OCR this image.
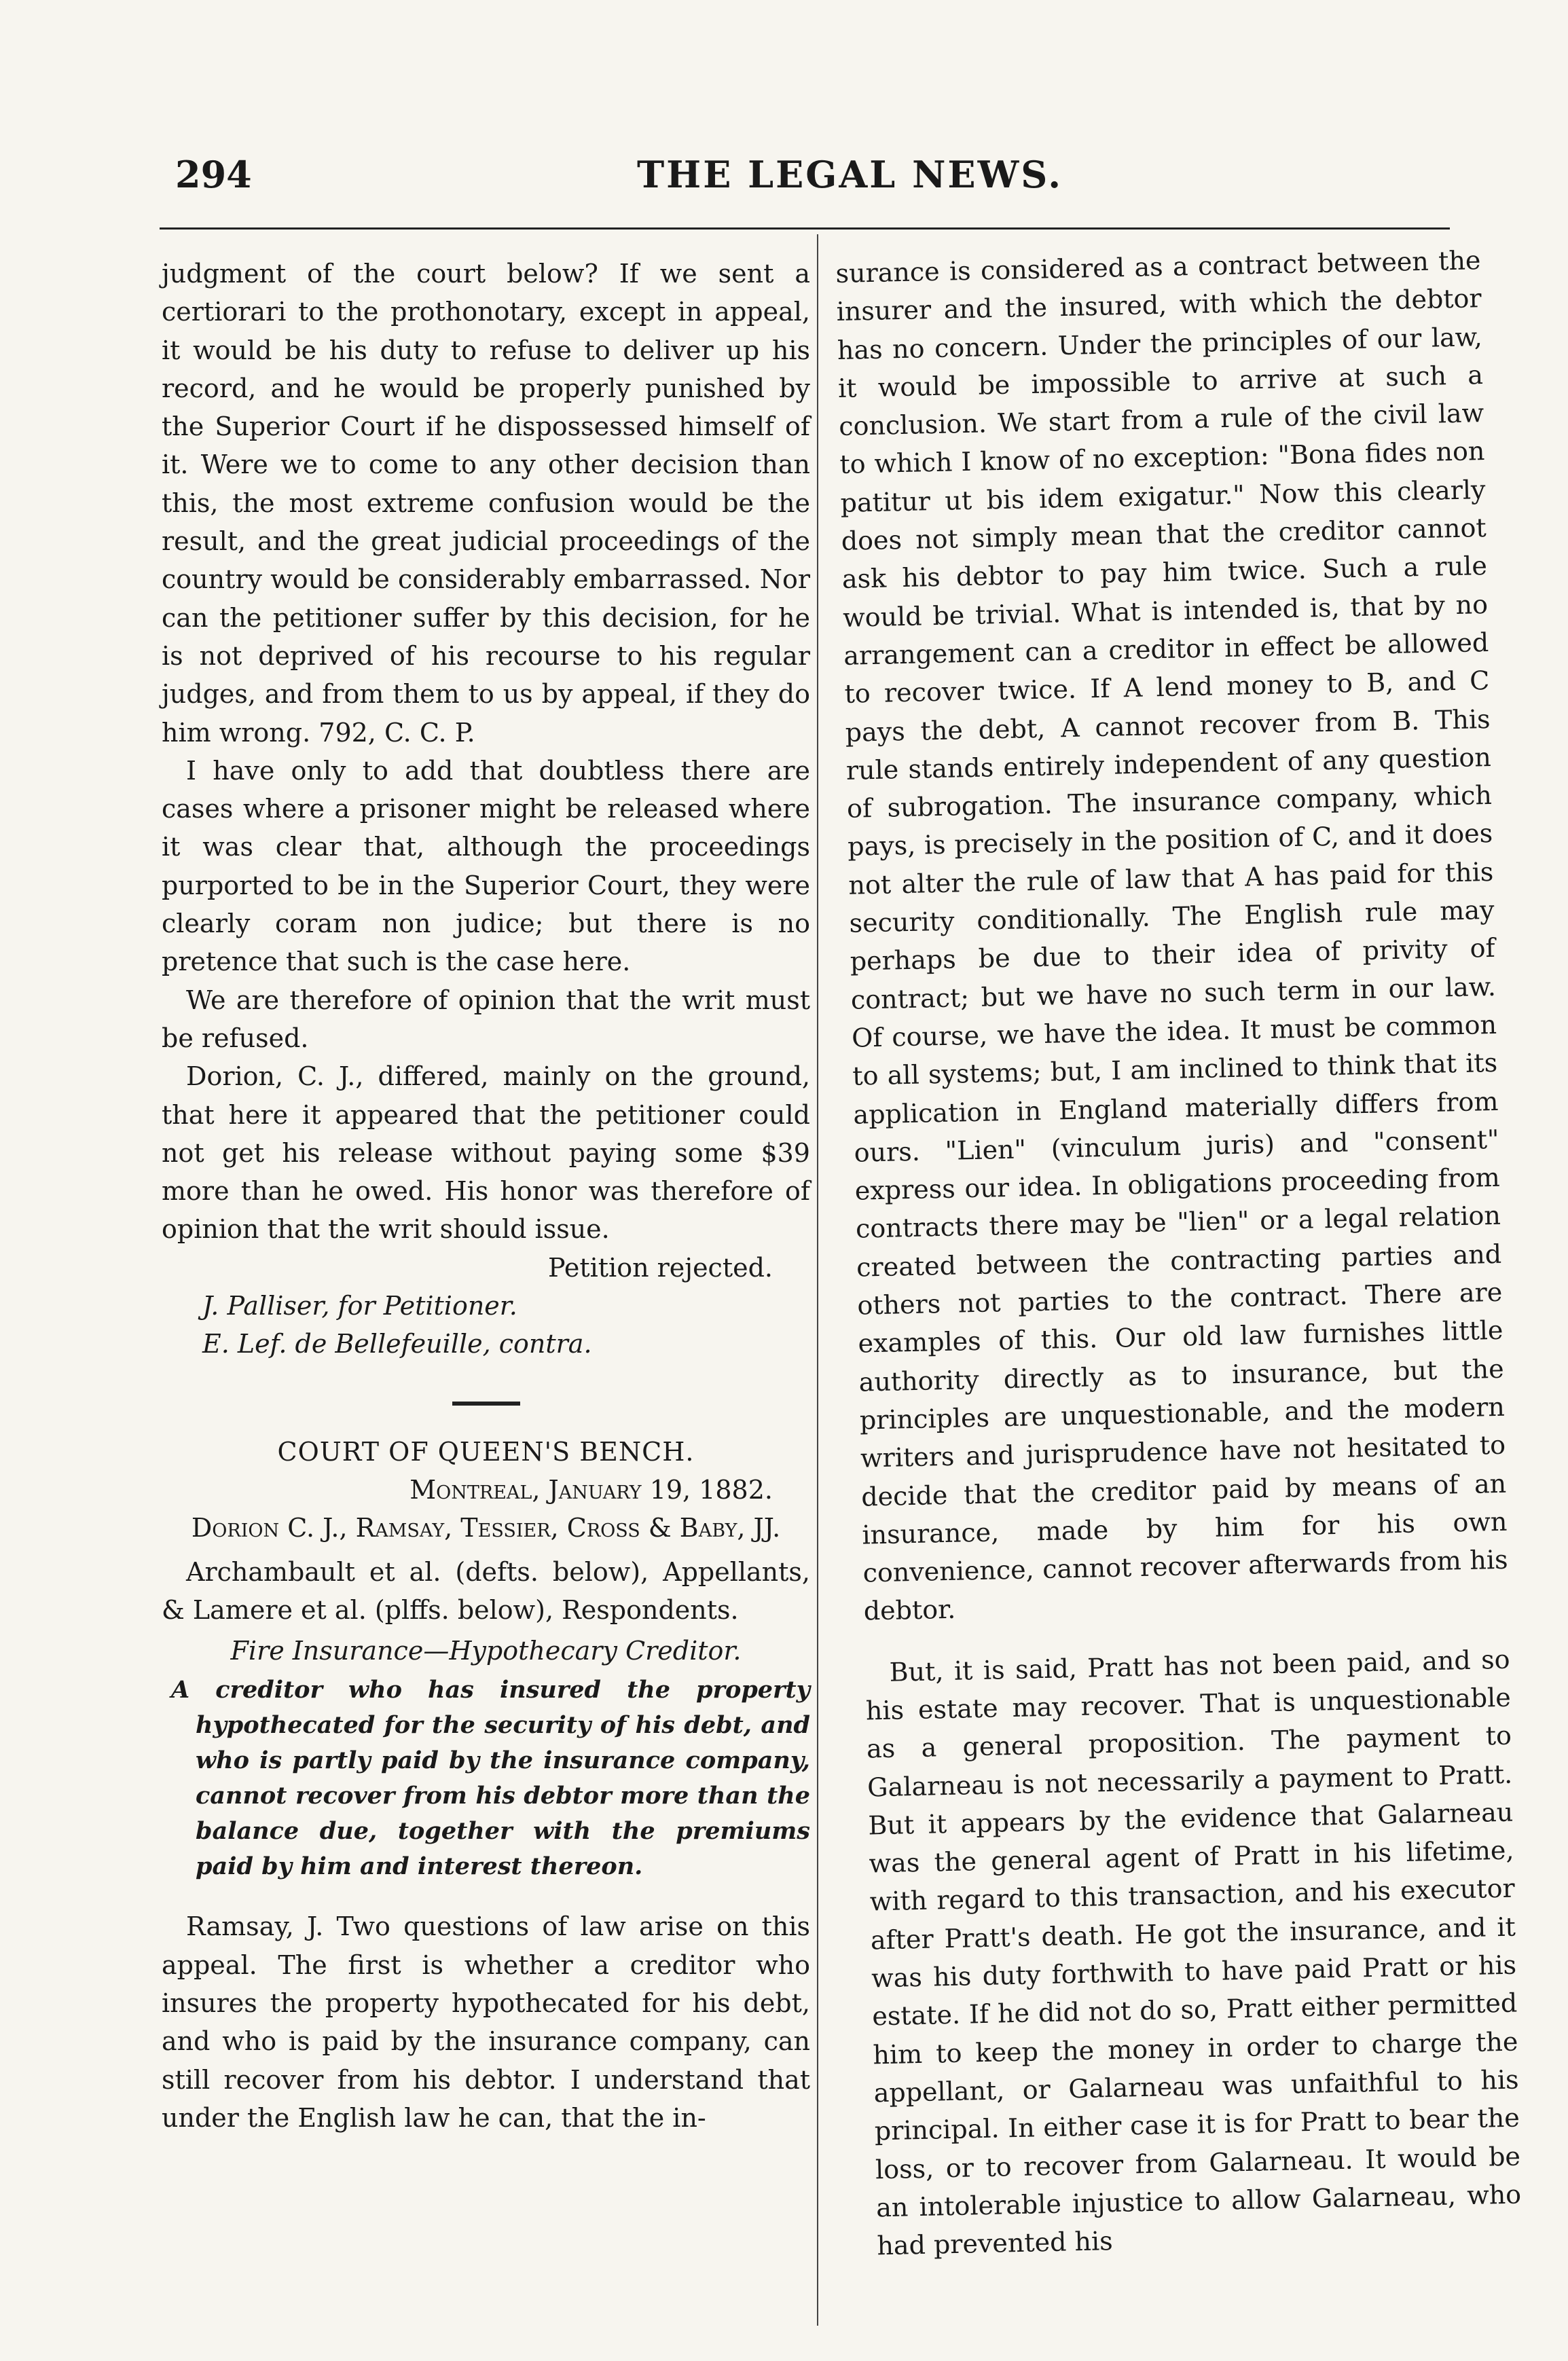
294	THE LEGAL NEWS.

judgment of the court below? If we sent a certiorari to the prothonotary, except in appeal, it would be his duty to refuse to deliver up his record, and he would be properly punished by the Superior Court if he dispossessed himself of it. Were we to come to any other decision than this, the most extreme confusion would be the result, and the great judicial proceedings of the country would be considerably embarrassed. Nor can the petitioner suffer by this decision, for he is not deprived of his recourse to his regular judges, and from them to us by appeal, if they do him wrong. 792, C. C. P.

I have only to add that doubtless there are cases where a prisoner might be released where it was clear that, although the proceedings purported to be in the Superior Court, they were clearly coram non judice; but there is no pretence that such is the case here.

We are therefore of opinion that the writ must be refused.

Dorion, C. J., differed, mainly on the ground, that here it appeared that the petitioner could not get his release without paying some $39 more than he owed. His honor was therefore of opinion that the writ should issue.

Petition rejected.

J. Palliser, for Petitioner.

E. Lef. de Bellefeuille, contra.

COURT OF QUEEN'S BENCH.

Montreal, January 19, 1882.

Dorion C. J., Ramsay, Tessier, Cross & Baby, JJ.

Archambault et al. (defts. below), Appellants, & Lamere et al. (plffs. below), Respondents.

Fire Insurance—Hypothecary Creditor.

A creditor who has insured the property hypothecated for the security of his debt, and who is partly paid by the insurance company, cannot recover from his debtor more than the balance due, together with the premiums paid by him and interest thereon.

Ramsay, J. Two questions of law arise on this appeal. The first is whether a creditor who insures the property hypothecated for his debt, and who is paid by the insurance company, can still recover from his debtor. I understand that under the English law he can, that the in-

surance is considered as a contract between the insurer and the insured, with which the debtor has no concern. Under the principles of our law, it would be impossible to arrive at such a conclusion. We start from a rule of the civil law to which I know of no exception: "Bona fides non patitur ut bis idem exigatur." Now this clearly does not simply mean that the creditor cannot ask his debtor to pay him twice. Such a rule would be trivial. What is intended is, that by no arrangement can a creditor in effect be allowed to recover twice. If A lend money to B, and C pays the debt, A cannot recover from B. This rule stands entirely independent of any question of subrogation. The insurance company, which pays, is precisely in the position of C, and it does not alter the rule of law that A has paid for this security conditionally. The English rule may perhaps be due to their idea of privity of contract; but we have no such term in our law. Of course, we have the idea. It must be common to all systems; but, I am inclined to think that its application in England materially differs from ours. "Lien" (vinculum juris) and "consent" express our idea. In obligations proceeding from contracts there may be "lien" or a legal relation created between the contracting parties and others not parties to the contract. There are examples of this. Our old law furnishes little authority directly as to insurance, but the principles are unquestionable, and the modern writers and jurisprudence have not hesitated to decide that the creditor paid by means of an insurance, made by him for his own convenience, cannot recover afterwards from his debtor.

But, it is said, Pratt has not been paid, and so his estate may recover. That is unquestionable as a general proposition. The payment to Galarneau is not necessarily a payment to Pratt. But it appears by the evidence that Galarneau was the general agent of Pratt in his lifetime, with regard to this transaction, and his executor after Pratt's death. He got the insurance, and it was his duty forthwith to have paid Pratt or his estate. If he did not do so, Pratt either permitted him to keep the money in order to charge the appellant, or Galarneau was unfaithful to his principal. In either case it is for Pratt to bear the loss, or to recover from Galarneau. It would be an intolerable injustice to allow Galarneau, who had prevented his
